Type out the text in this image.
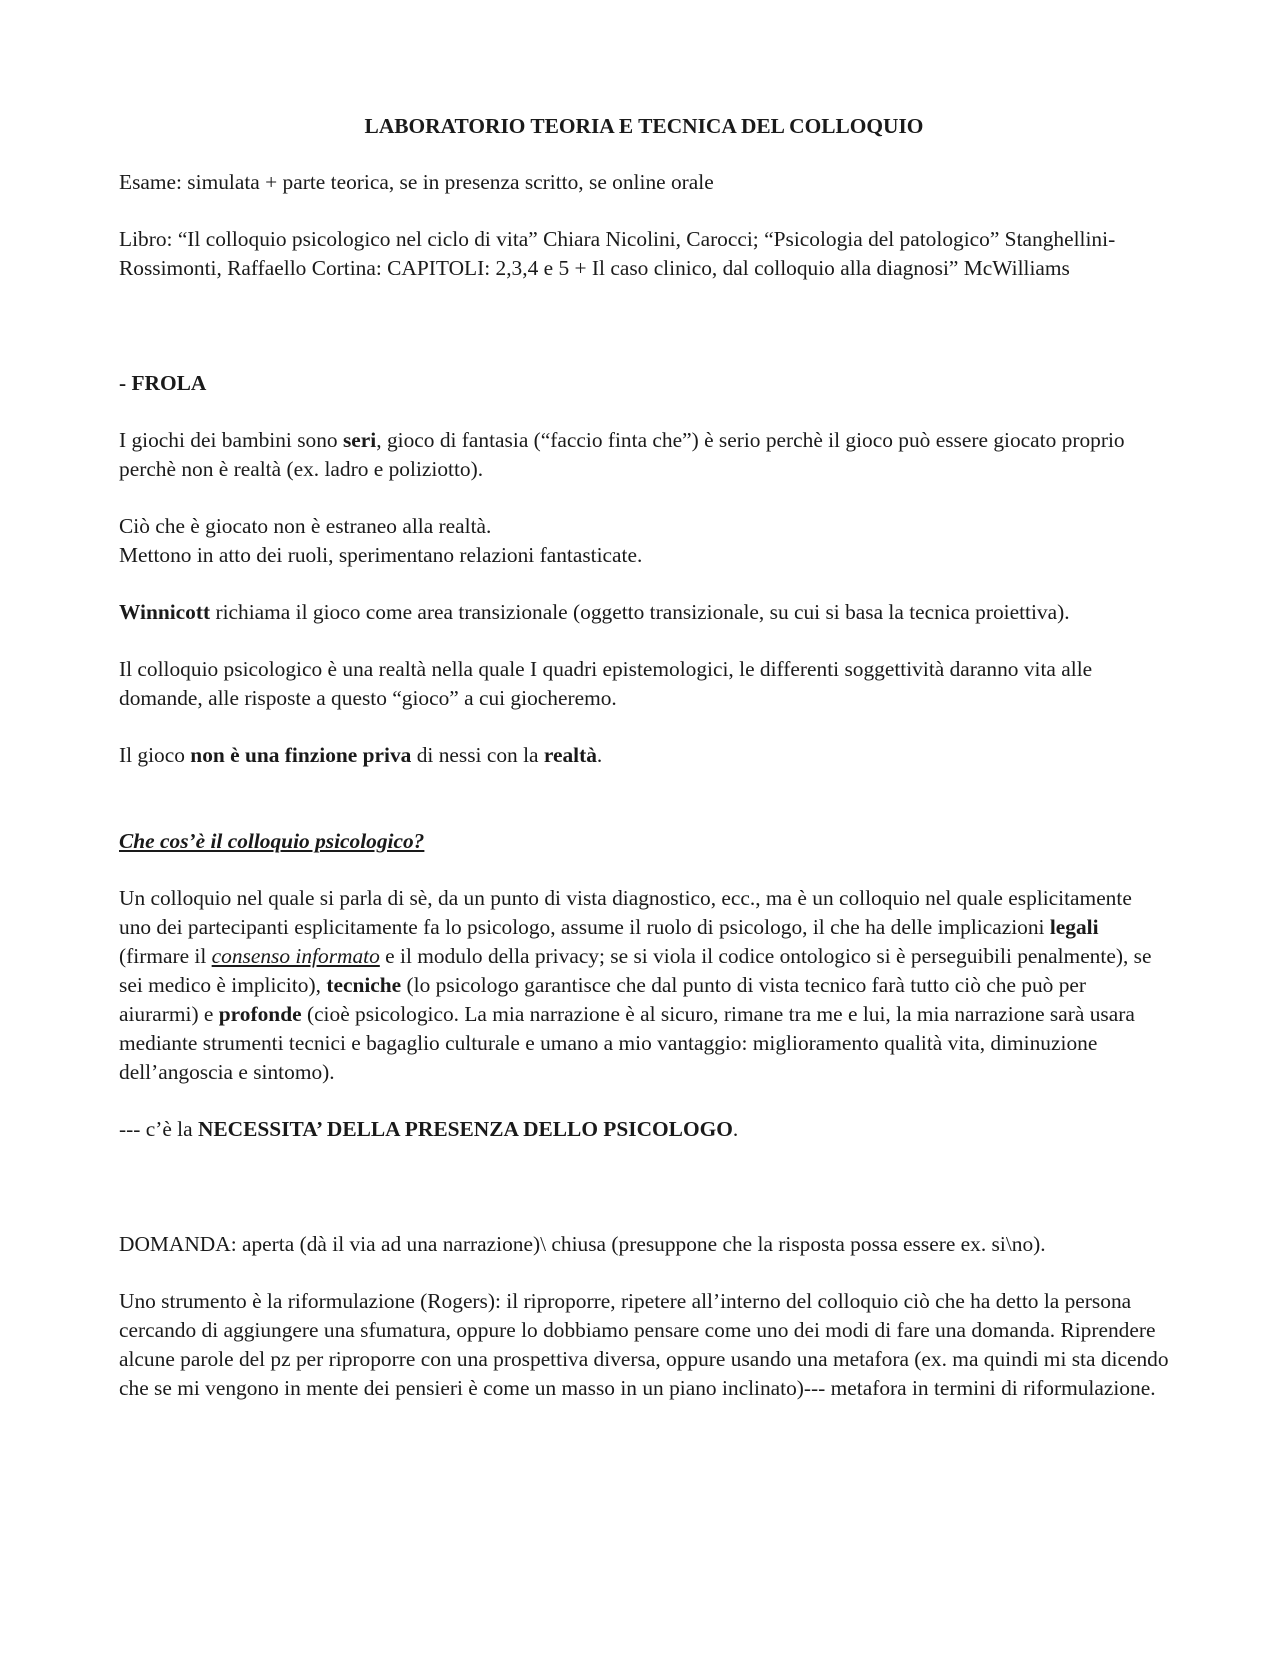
LABORATORIO TEORIA E TECNICA DEL COLLOQUIO

Esame: simulata + parte teorica, se in presenza scritto, se online orale

Libro: “Il colloquio psicologico nel ciclo di vita” Chiara Nicolini, Carocci; “Psicologia del patologico” Stanghellini-Rossimonti, Raffaello Cortina: CAPITOLI: 2,3,4 e 5 + Il caso clinico, dal colloquio alla diagnosi” McWilliams

- FROLA

I giochi dei bambini sono seri, gioco di fantasia (“faccio finta che”) è serio perchè il gioco può essere giocato proprio perchè non è realtà (ex. ladro e poliziotto).

Ciò che è giocato non è estraneo alla realtà.

Mettono in atto dei ruoli, sperimentano relazioni fantasticate.

Winnicott richiama il gioco come area transizionale (oggetto transizionale, su cui si basa la tecnica proiettiva).

Il colloquio psicologico è una realtà nella quale I quadri epistemologici, le differenti soggettività daranno vita alle domande, alle risposte a questo “gioco” a cui giocheremo.

Il gioco non è una finzione priva di nessi con la realtà.

Che cos’è il colloquio psicologico?

Un colloquio nel quale si parla di sè, da un punto di vista diagnostico, ecc., ma è un colloquio nel quale esplicitamente uno dei partecipanti esplicitamente fa lo psicologo, assume il ruolo di psicologo, il che ha delle implicazioni legali (firmare il consenso informato e il modulo della privacy; se si viola il codice ontologico si è perseguibili penalmente), se sei medico è implicito), tecniche (lo psicologo garantisce che dal punto di vista tecnico farà tutto ciò che può per aiurarmi) e profonde (cioè psicologico. La mia narrazione è al sicuro, rimane tra me e lui, la mia narrazione sarà usara mediante strumenti tecnici e bagaglio culturale e umano a mio vantaggio: miglioramento qualità vita, diminuzione dell’angoscia e sintomo).

--- c’è la NECESSITA’ DELLA PRESENZA DELLO PSICOLOGO.

DOMANDA: aperta (dà il via ad una narrazione)\ chiusa (presuppone che la risposta possa essere ex. si\no).

Uno strumento è la riformulazione (Rogers): il riproporre, ripetere all’interno del colloquio ciò che ha detto la persona cercando di aggiungere una sfumatura, oppure lo dobbiamo pensare come uno dei modi di fare una domanda. Riprendere alcune parole del pz per riproporre con una prospettiva diversa, oppure usando una metafora (ex. ma quindi mi sta dicendo che se mi vengono in mente dei pensieri è come un masso in un piano inclinato)--- metafora in termini di riformulazione.
